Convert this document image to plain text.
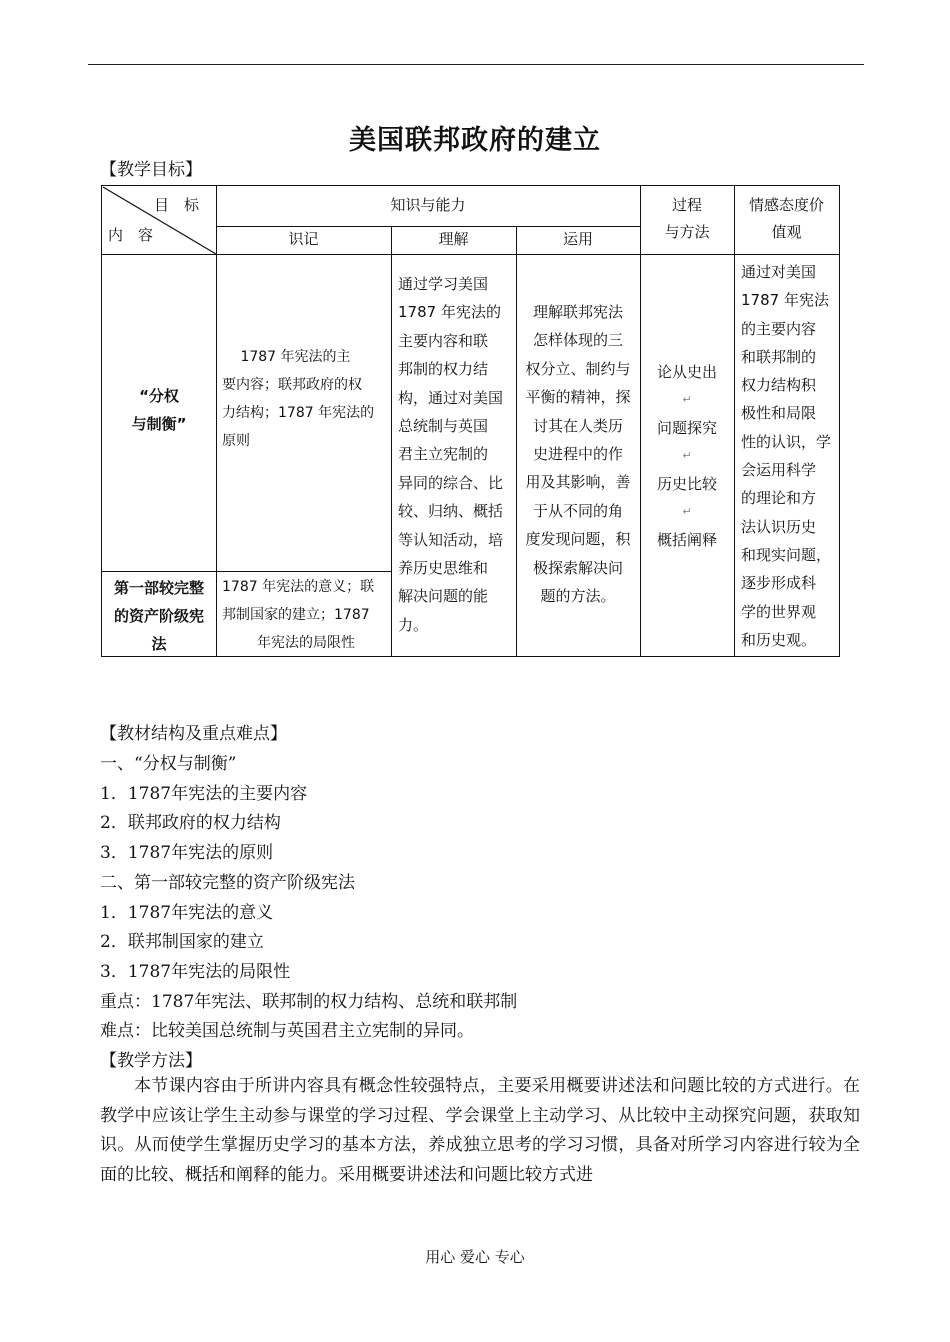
美国联邦政府的建立
【教学目标】
目　标
内　容
知识与能力
识记	理解	运用
过程
与方法
情感态度价
值观
“分权
与制衡”
第一部较完整
的资产阶级宪
法
　 1787 年宪法的主
要内容；联邦政府的权
力结构；1787 年宪法的
原则
1787 年宪法的意义；联
邦制国家的建立；1787
年宪法的局限性
通过学习美国
1787 年宪法的
主要内容和联
邦制的权力结
构，通过对美国
总统制与英国
君主立宪制的
异同的综合、比
较、归纳、概括
等认知活动，培
养历史思维和
解决问题的能
力。
理解联邦宪法
怎样体现的三
权分立、制约与
平衡的精神，探
讨其在人类历
史进程中的作
用及其影响，善
于从不同的角
度发现问题，积
极探索解决问
题的方法。
论从史出
↵
问题探究
↵
历史比较
↵
概括阐释
通过对美国
1787 年宪法
的主要内容
和联邦制的
权力结构积
极性和局限
性的认识，学
会运用科学
的理论和方
法认识历史
和现实问题，
逐步形成科
学的世界观
和历史观。
【教材结构及重点难点】
一、“分权与制衡”
1．1787年宪法的主要内容
2．联邦政府的权力结构
3．1787年宪法的原则
二、第一部较完整的资产阶级宪法
1．1787年宪法的意义
2．联邦制国家的建立
3．1787年宪法的局限性
重点：1787年宪法、联邦制的权力结构、总统和联邦制
难点：比较美国总统制与英国君主立宪制的异同。
【教学方法】
本节课内容由于所讲内容具有概念性较强特点，主要采用概要讲述法和问题比较的方式进行。在教学中应该让学生主动参与课堂的学习过程、学会课堂上主动学习、从比较中主动探究问题，获取知识。从而使学生掌握历史学习的基本方法，养成独立思考的学习习惯，具备对所学习内容进行较为全面的比较、概括和阐释的能力。采用概要讲述法和问题比较方式进
用心 爱心 专心
